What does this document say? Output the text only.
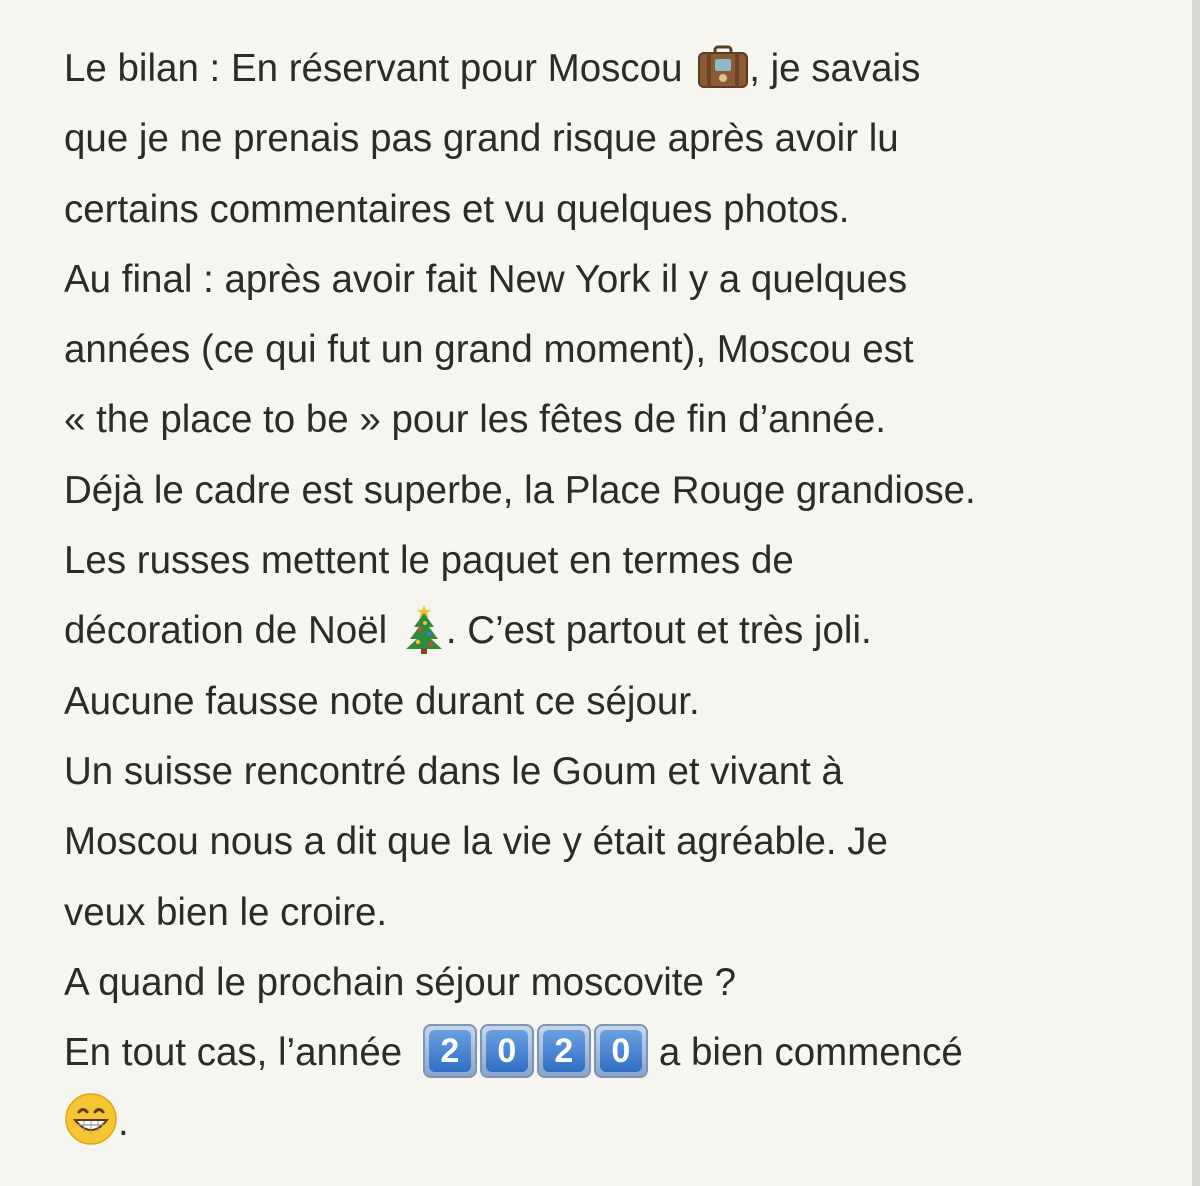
Le bilan : En réservant pour Moscou , je savais
que je ne prenais pas grand risque après avoir lu
certains commentaires et vu quelques photos.
Au final : après avoir fait New York il y a quelques
années (ce qui fut un grand moment), Moscou est
« the place to be » pour les fêtes de fin d’année.
Déjà le cadre est superbe, la Place Rouge grandiose.
Les russes mettent le paquet en termes de
décoration de Noël . C’est partout et très joli.
Aucune fausse note durant ce séjour.
Un suisse rencontré dans le Goum et vivant à
Moscou nous a dit que la vie y était agréable. Je
veux bien le croire.
A quand le prochain séjour moscovite ?
En tout cas, l’année 2	0	2	0 a bien commencé
.
